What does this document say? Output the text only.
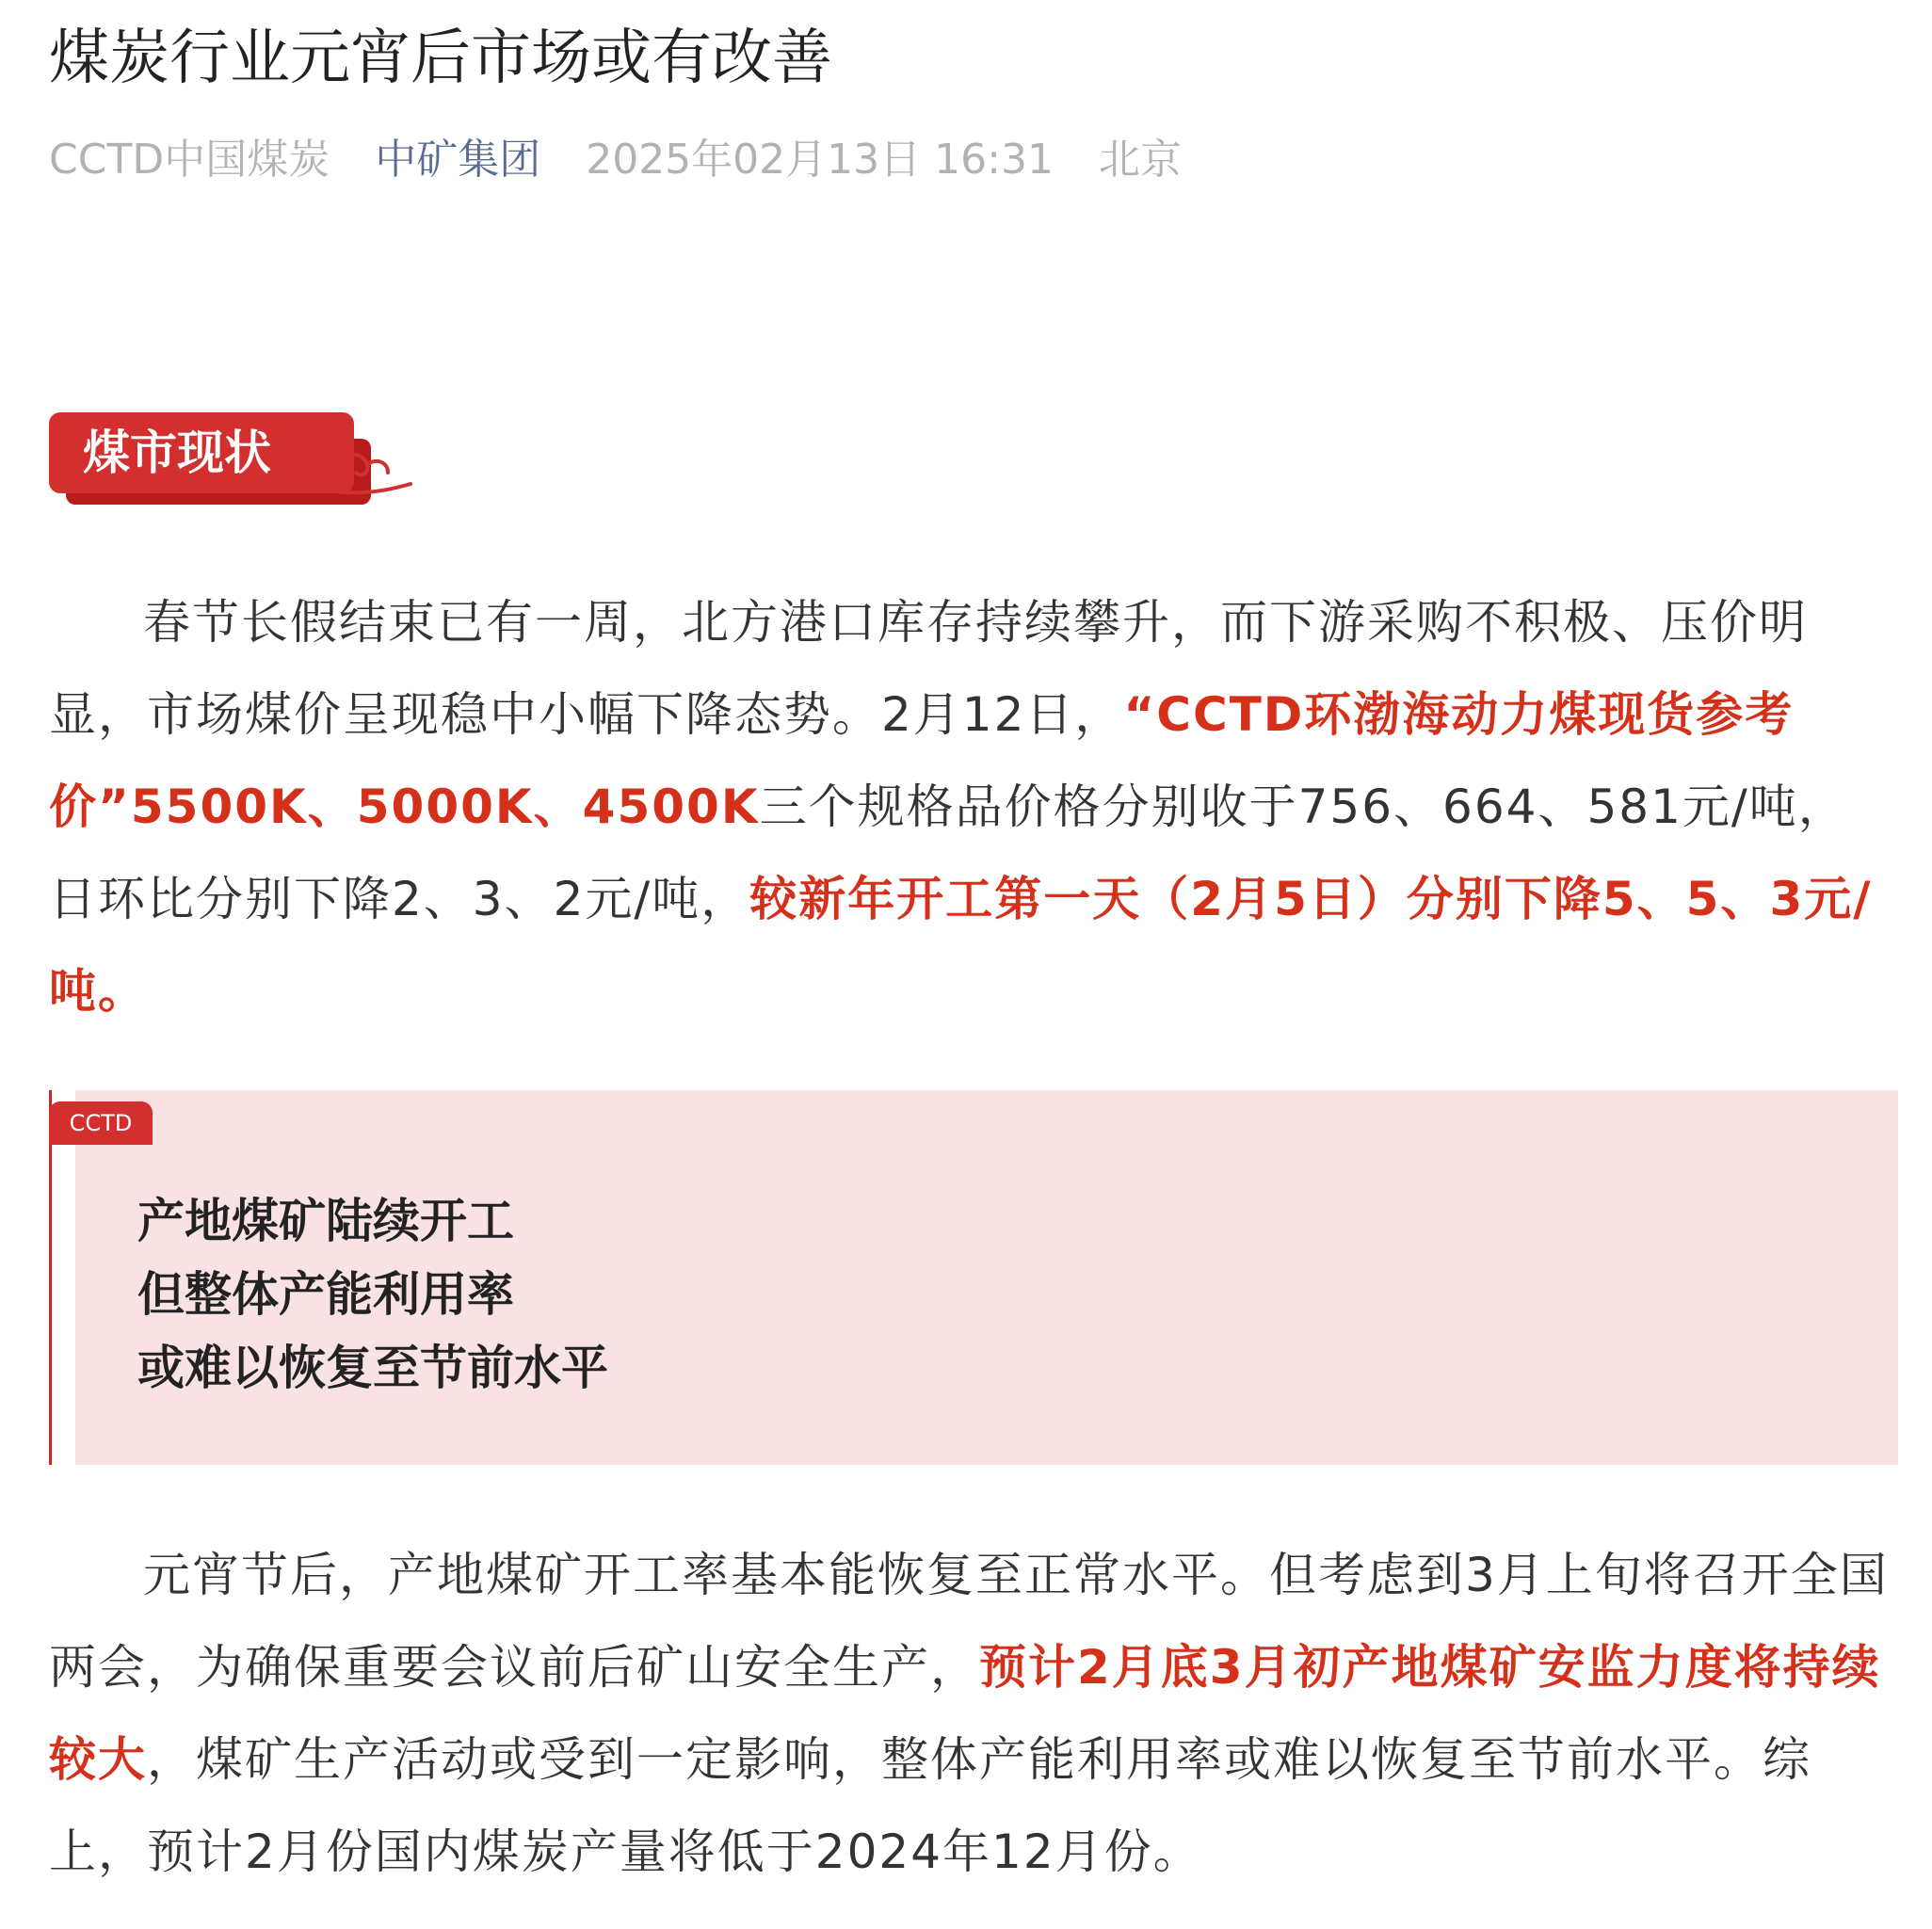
煤炭行业元宵后市场或有改善
CCTD中国煤炭 中矿集团 2025年02月13日 16:31 北京
煤市现状

春节长假结束已有一周，北方港口库存持续攀升，而下游采购不积极、压价明显，市场煤价呈现稳中小幅下降态势。2月12日，“CCTD环渤海动力煤现货参考价”5500K、5000K、4500K三个规格品价格分别收于756、664、581元/吨，日环比分别下降2、3、2元/吨，较新年开工第一天（2月5日）分别下降5、5、3元/吨。

CCTD
产地煤矿陆续开工
但整体产能利用率
或难以恢复至节前水平

元宵节后，产地煤矿开工率基本能恢复至正常水平。但考虑到3月上旬将召开全国两会，为确保重要会议前后矿山安全生产，预计2月底3月初产地煤矿安监力度将持续较大，煤矿生产活动或受到一定影响，整体产能利用率或难以恢复至节前水平。综上，预计2月份国内煤炭产量将低于2024年12月份。
